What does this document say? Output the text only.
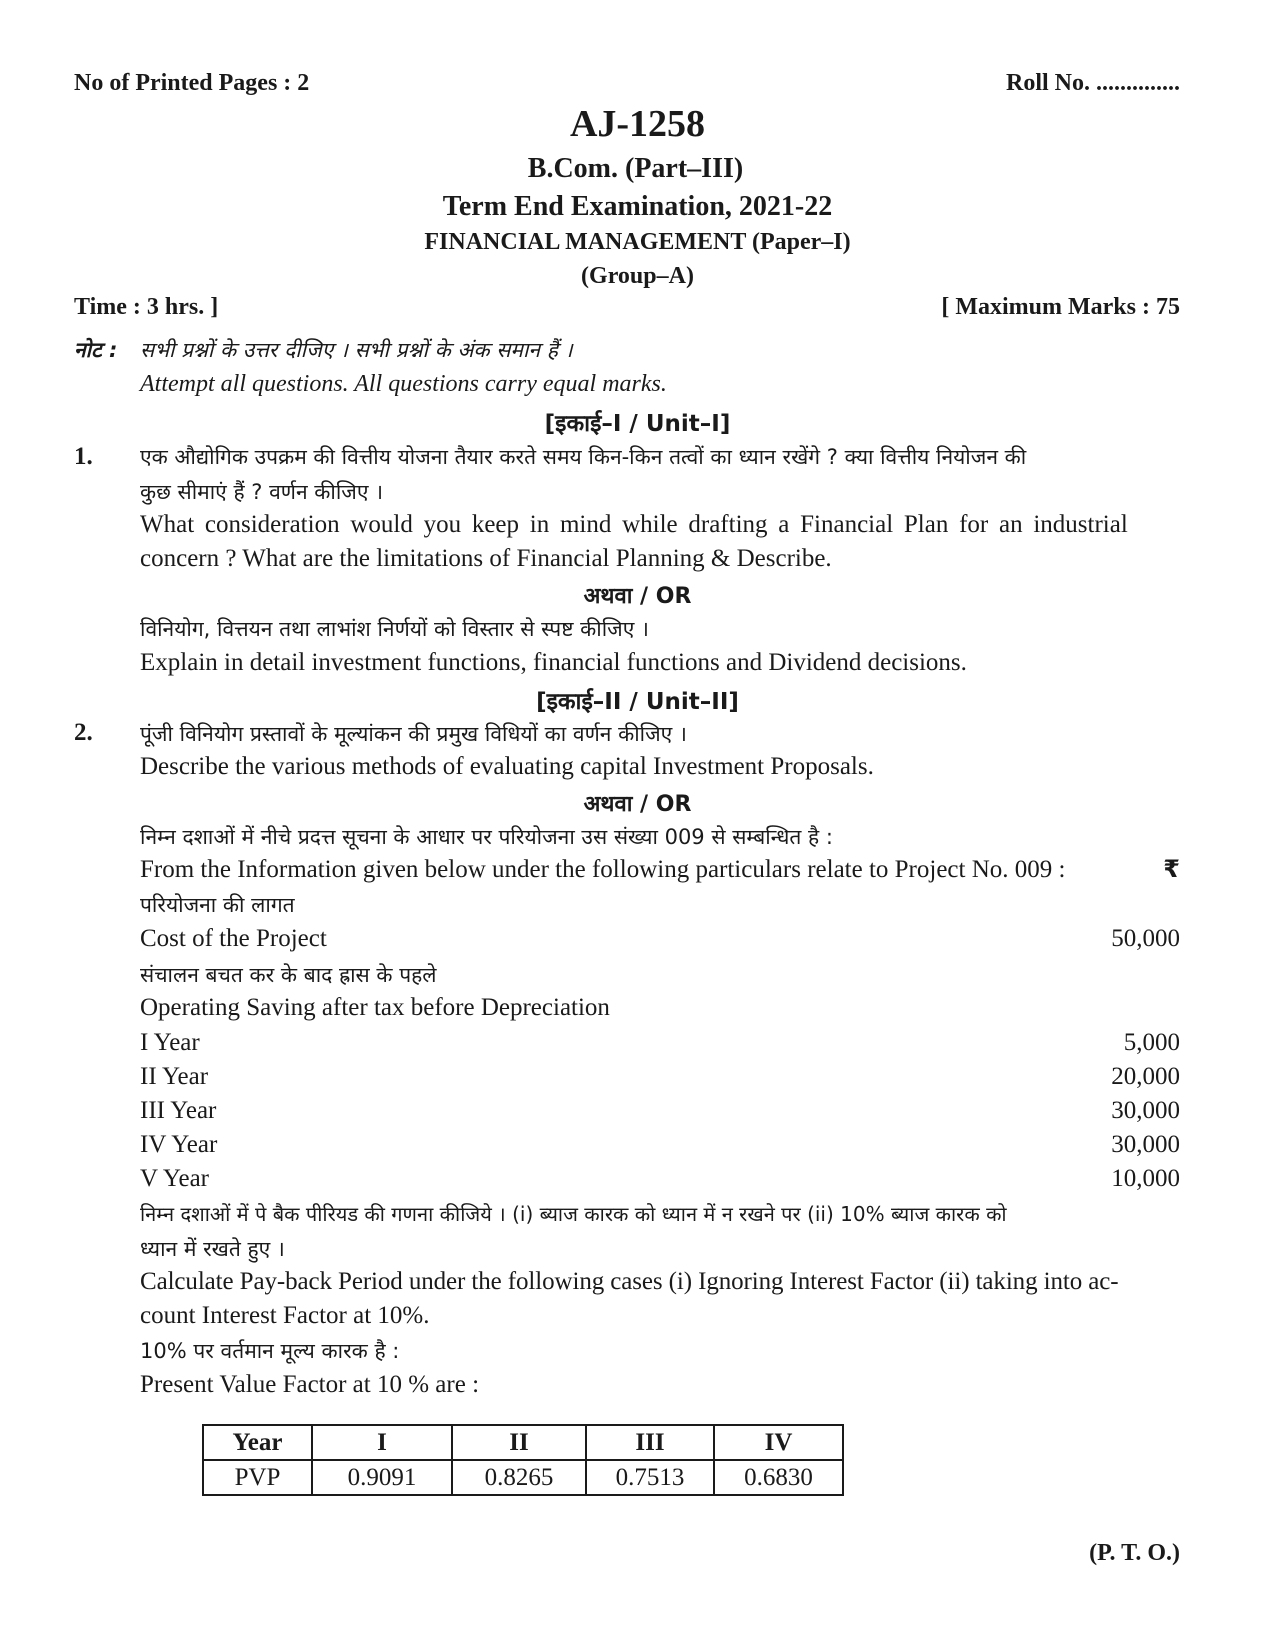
No of Printed Pages : 2	Roll No. ..............
AJ-1258
B.Com. (Part–III)
Term End Examination, 2021-22
FINANCIAL MANAGEMENT (Paper–I)
(Group–A)
Time : 3 hrs. ]	[ Maximum Marks : 75
नोट : सभी प्रश्नों के उत्तर दीजिए । सभी प्रश्नों के अंक समान हैं ।
Attempt all questions. All questions carry equal marks.
[इकाई–I / Unit–I]
1. एक औद्योगिक उपक्रम की वित्तीय योजना तैयार करते समय किन-किन तत्वों का ध्यान रखेंगे ? क्या वित्तीय नियोजन की
कुछ सीमाएं हैं ? वर्णन कीजिए ।
What consideration would you keep in mind while drafting a Financial Plan for an industrial
concern ? What are the limitations of Financial Planning & Describe.
अथवा / OR
विनियोग, वित्तयन तथा लाभांश निर्णयों को विस्तार से स्पष्ट कीजिए ।
Explain in detail investment functions, financial functions and Dividend decisions.
[इकाई–II / Unit–II]
2. पूंजी विनियोग प्रस्तावों के मूल्यांकन की प्रमुख विधियों का वर्णन कीजिए ।
Describe the various methods of evaluating capital Investment Proposals.
अथवा / OR
निम्न दशाओं में नीचे प्रदत्त सूचना के आधार पर परियोजना उस संख्या 009 से सम्बन्धित है :
From the Information given below under the following particulars relate to Project No. 009 :	₹
परियोजना की लागत
Cost of the Project	50,000
संचालन बचत कर के बाद ह्रास के पहले
Operating Saving after tax before Depreciation
I Year	5,000
II Year	20,000
III Year	30,000
IV Year	30,000
V Year	10,000
निम्न दशाओं में पे बैक पीरियड की गणना कीजिये । (i) ब्याज कारक को ध्यान में न रखने पर (ii) 10% ब्याज कारक को
ध्यान में रखते हुए ।
Calculate Pay-back Period under the following cases (i) Ignoring Interest Factor (ii) taking into ac-
count Interest Factor at 10%.
10% पर वर्तमान मूल्य कारक है :
Present Value Factor at 10 % are :
Year	I	II	III	IV
PVP	0.9091	0.8265	0.7513	0.6830
(P. T. O.)
